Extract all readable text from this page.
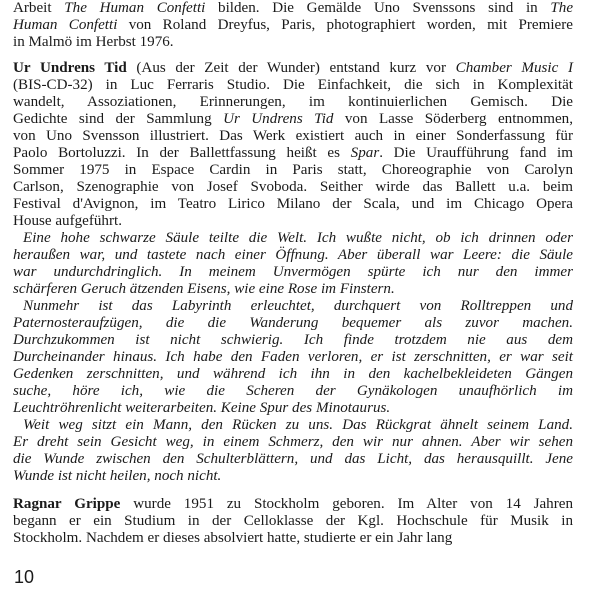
Arbeit The Human Confetti bilden. Die Gemälde Uno Svenssons sind in The
Human Confetti von Roland Dreyfus, Paris, photographiert worden, mit Premiere
in Malmö im Herbst 1976.

Ur Undrens Tid (Aus der Zeit der Wunder) entstand kurz vor Chamber Music I
(BIS-CD-32) in Luc Ferraris Studio. Die Einfachkeit, die sich in Komplexität
wandelt, Assoziationen, Erinnerungen, im kontinuierlichen Gemisch. Die
Gedichte sind der Sammlung Ur Undrens Tid von Lasse Söderberg entnommen,
von Uno Svensson illustriert. Das Werk existiert auch in einer Sonderfassung für
Paolo Bortoluzzi. In der Ballettfassung heißt es Spar. Die Uraufführung fand im
Sommer 1975 in Espace Cardin in Paris statt, Choreographie von Carolyn
Carlson, Szenographie von Josef Svoboda. Seither wirde das Ballett u.a. beim
Festival d'Avignon, im Teatro Lirico Milano der Scala, und im Chicago Opera
House aufgeführt.

Eine hohe schwarze Säule teilte die Welt. Ich wußte nicht, ob ich drinnen oder
heraußen war, und tastete nach einer Öffnung. Aber überall war Leere: die Säule
war undurchdringlich. In meinem Unvermögen spürte ich nur den immer
schärferen Geruch ätzenden Eisens, wie eine Rose im Finstern.

Nunmehr ist das Labyrinth erleuchtet, durchquert von Rolltreppen und
Paternosteraufzügen, die die Wanderung bequemer als zuvor machen.
Durchzukommen ist nicht schwierig. Ich finde trotzdem nie aus dem
Durcheinander hinaus. Ich habe den Faden verloren, er ist zerschnitten, er war seit
Gedenken zerschnitten, und während ich ihn in den kachelbekleideten Gängen
suche, höre ich, wie die Scheren der Gynäkologen unaufhörlich im
Leuchtröhrenlicht weiterarbeiten. Keine Spur des Minotaurus.

Weit weg sitzt ein Mann, den Rücken zu uns. Das Rückgrat ähnelt seinem Land.
Er dreht sein Gesicht weg, in einem Schmerz, den wir nur ahnen. Aber wir sehen
die Wunde zwischen den Schulterblättern, und das Licht, das herausquillt. Jene
Wunde ist nicht heilen, noch nicht.

Ragnar Grippe wurde 1951 zu Stockholm geboren. Im Alter von 14 Jahren
begann er ein Studium in der Celloklasse der Kgl. Hochschule für Musik in
Stockholm. Nachdem er dieses absolviert hatte, studierte er ein Jahr lang

10
